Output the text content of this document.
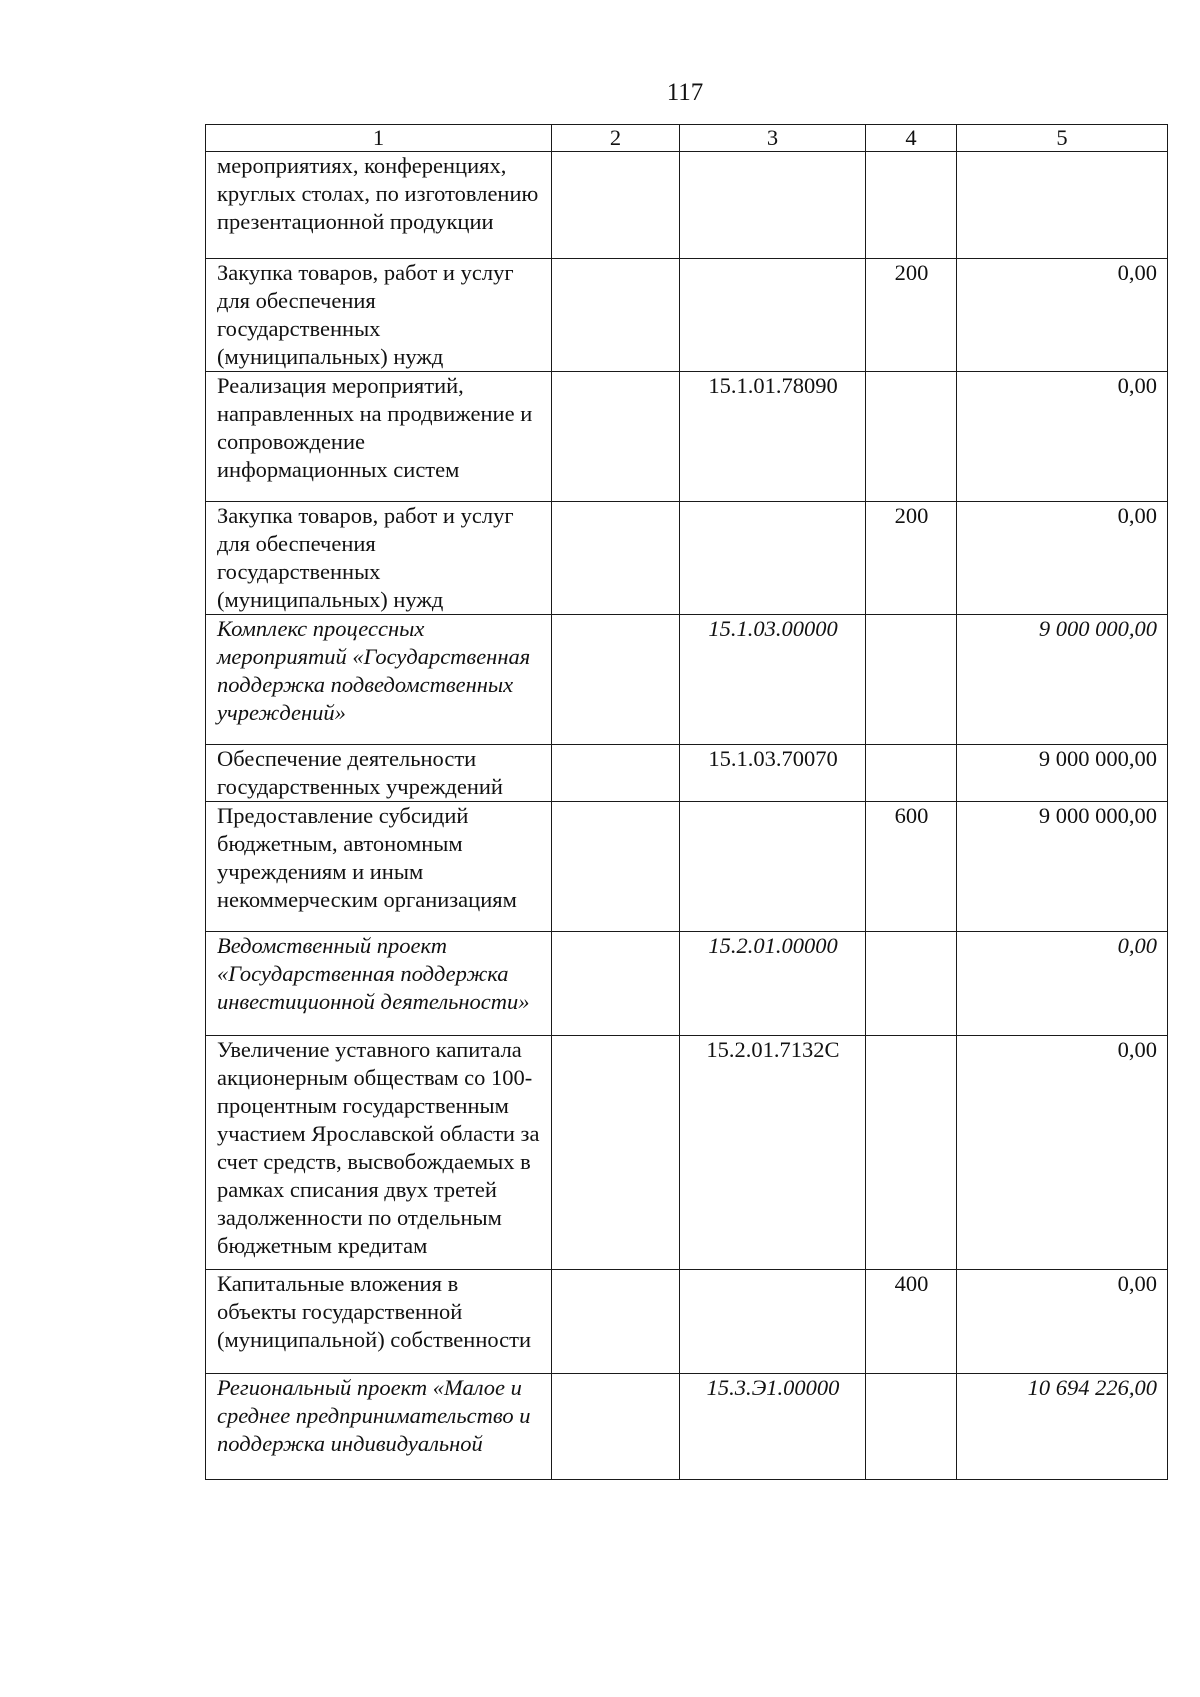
117
1	2	3	4	5
мероприятиях, конференциях, круглых столах, по изготовлению презентационной продукции				
Закупка товаров, работ и услуг для обеспечения государственных (муниципальных) нужд			200	0,00
Реализация мероприятий, направленных на продвижение и сопровождение информационных систем		15.1.01.78090		0,00
Закупка товаров, работ и услуг для обеспечения государственных (муниципальных) нужд			200	0,00
Комплекс процессных мероприятий «Государственная поддержка подведомственных учреждений»		15.1.03.00000		9 000 000,00
Обеспечение деятельности государственных учреждений		15.1.03.70070		9 000 000,00
Предоставление субсидий бюджетным, автономным учреждениям и иным некоммерческим организациям			600	9 000 000,00
Ведомственный проект «Государственная поддержка инвестиционной деятельности»		15.2.01.00000		0,00
Увеличение уставного капитала акционерным обществам со 100-процентным государственным участием Ярославской области за счет средств, высвобождаемых в рамках списания двух третей задолженности по отдельным бюджетным кредитам		15.2.01.7132С		0,00
Капитальные вложения в объекты государственной (муниципальной) собственности			400	0,00
Региональный проект «Малое и среднее предпринимательство и поддержка индивидуальной		15.3.Э1.00000		10 694 226,00
